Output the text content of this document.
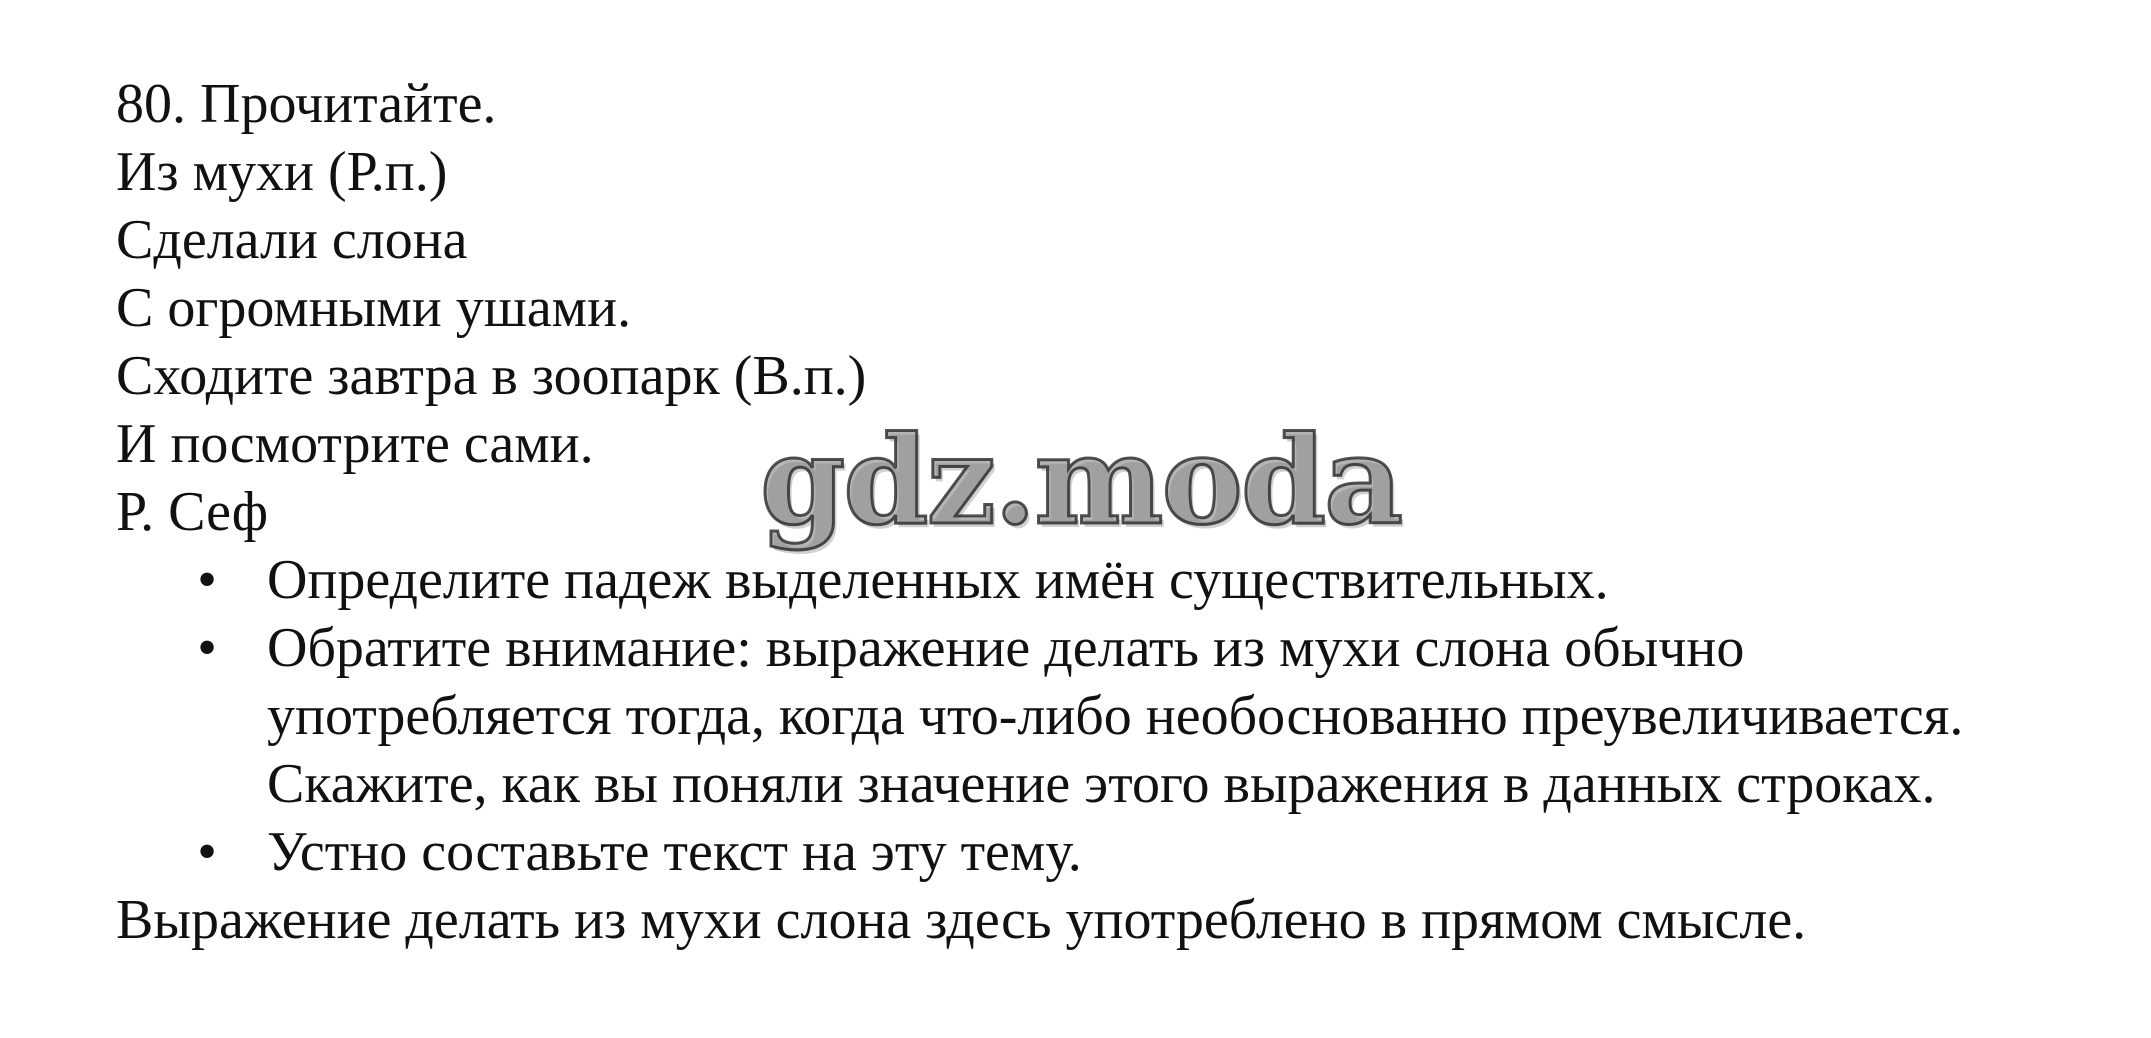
80. Прочитайте.
Из мухи (Р.п.)
Сделали слона
С огромными ушами.
Сходите завтра в зоопарк (В.п.)
И посмотрите сами.
Р. Сеф
• Определите падеж выделенных имён существительных.
• Обратите внимание: выражение делать из мухи слона обычно
употребляется тогда, когда что-либо необоснованно преувеличивается.
Скажите, как вы поняли значение этого выражения в данных строках.
• Устно составьте текст на эту тему.
Выражение делать из мухи слона здесь употреблено в прямом смысле.
gdz.moda
